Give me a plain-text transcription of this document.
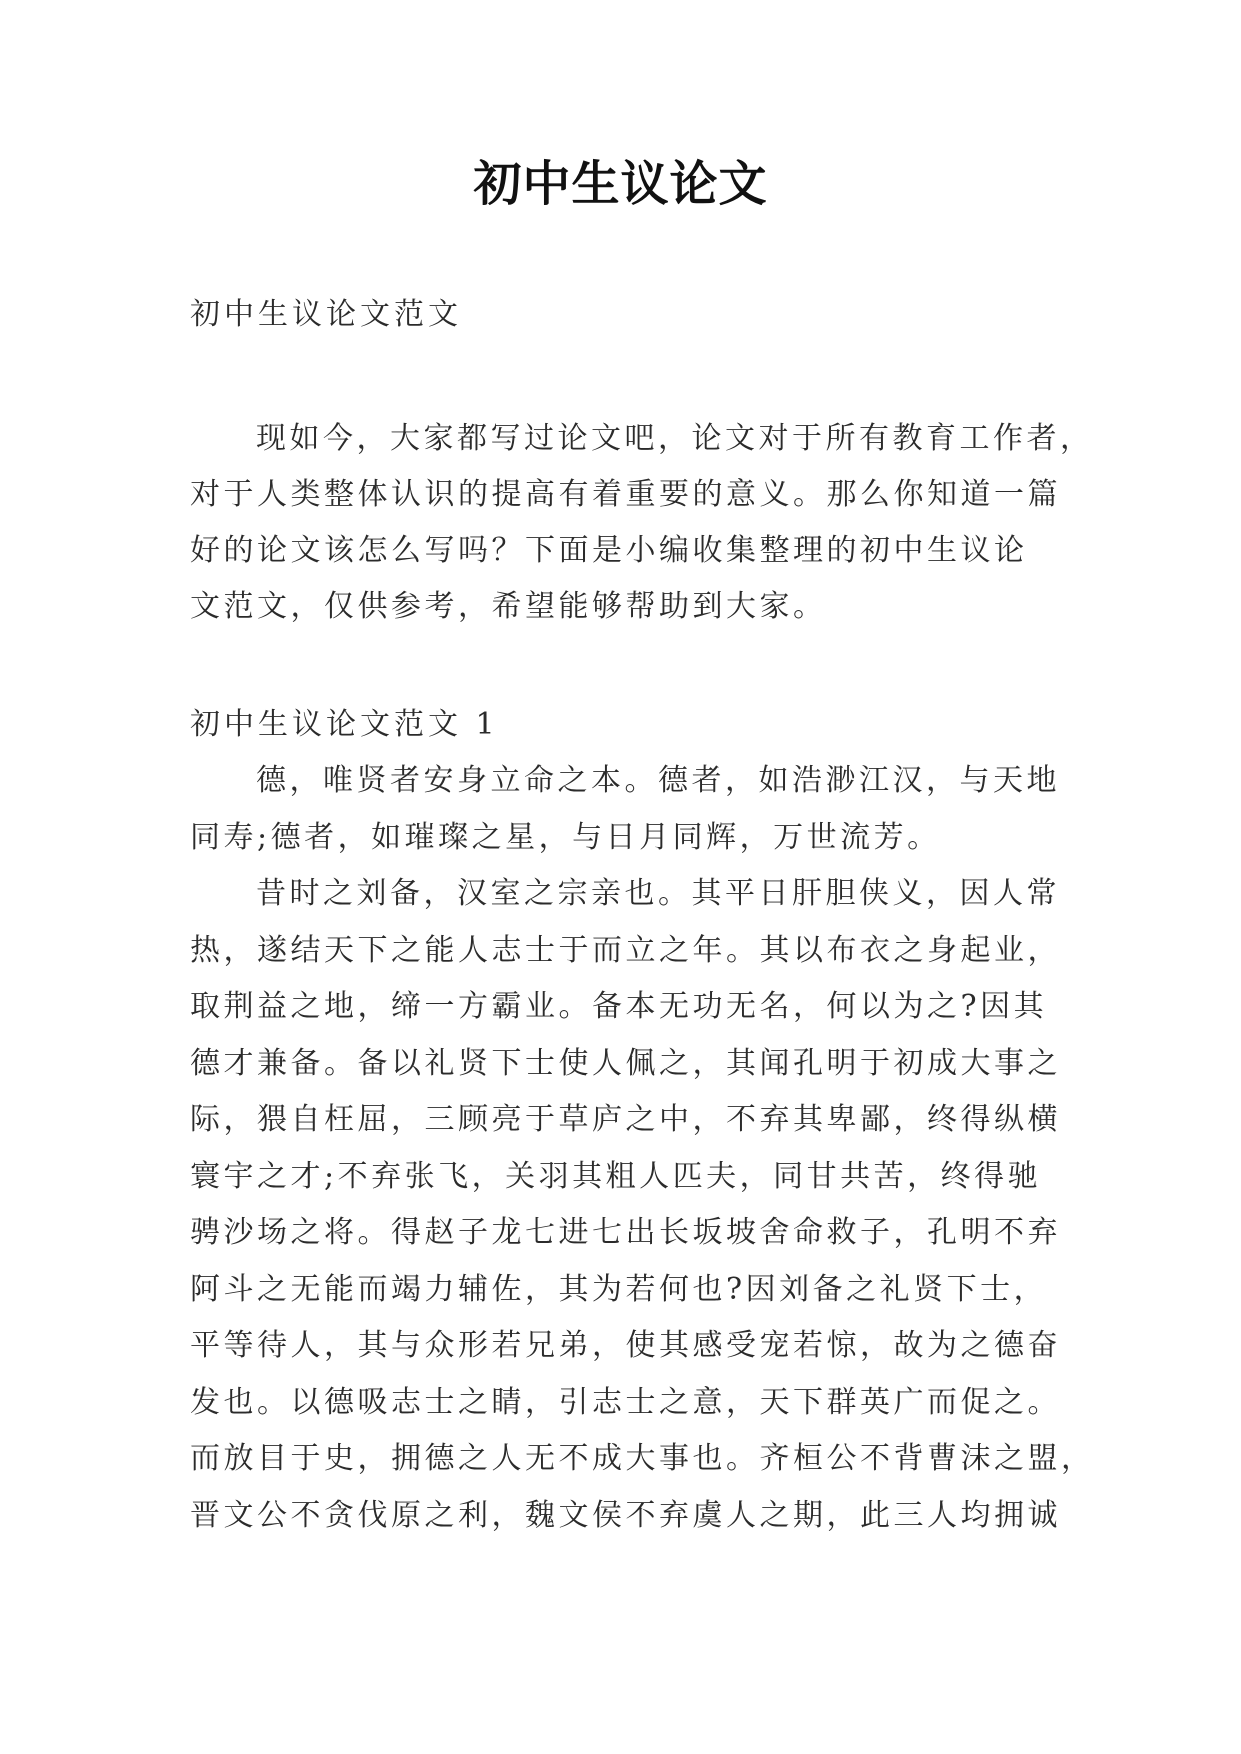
初中生议论文
初中生议论文范文
现如今，大家都写过论文吧，论文对于所有教育工作者，
对于人类整体认识的提高有着重要的意义。那么你知道一篇
好的论文该怎么写吗？下面是小编收集整理的初中生议论
文范文，仅供参考，希望能够帮助到大家。
初中生议论文范文 1
德，唯贤者安身立命之本。德者，如浩渺江汉，与天地
同寿;德者，如璀璨之星，与日月同辉，万世流芳。
昔时之刘备，汉室之宗亲也。其平日肝胆侠义，因人常
热，遂结天下之能人志士于而立之年。其以布衣之身起业，
取荆益之地，缔一方霸业。备本无功无名，何以为之?因其
德才兼备。备以礼贤下士使人佩之，其闻孔明于初成大事之
际，猥自枉屈，三顾亮于草庐之中，不弃其卑鄙，终得纵横
寰宇之才;不弃张飞，关羽其粗人匹夫，同甘共苦，终得驰
骋沙场之将。得赵子龙七进七出长坂坡舍命救子，孔明不弃
阿斗之无能而竭力辅佐，其为若何也?因刘备之礼贤下士，
平等待人，其与众形若兄弟，使其感受宠若惊，故为之德奋
发也。以德吸志士之睛，引志士之意，天下群英广而促之。
而放目于史，拥德之人无不成大事也。齐桓公不背曹沫之盟，
晋文公不贪伐原之利，魏文侯不弃虞人之期，此三人均拥诚
